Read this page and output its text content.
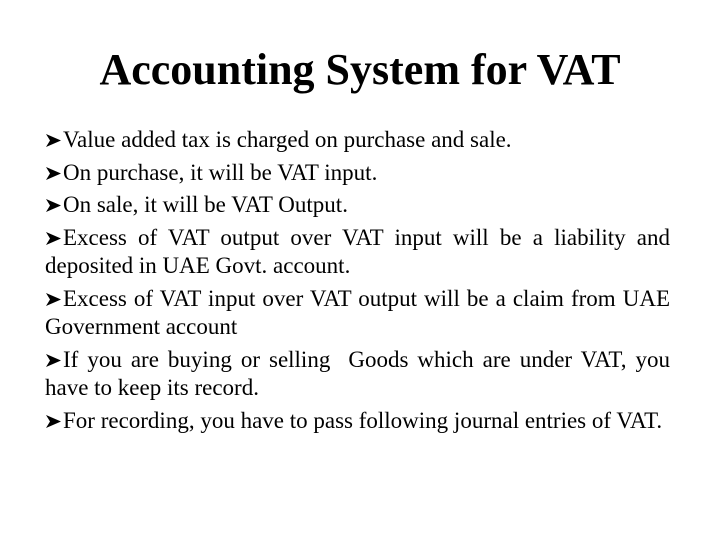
Accounting System for VAT
Value added tax is charged on purchase and sale.
On purchase, it will be VAT input.
On sale, it will be VAT Output.
Excess of VAT output over VAT input will be a liability and deposited in UAE Govt. account.
Excess of VAT input over VAT output will be a claim from UAE Government account
If you are buying or selling  Goods which are under VAT, you have to keep its record.
For recording, you have to pass following journal entries of VAT.
